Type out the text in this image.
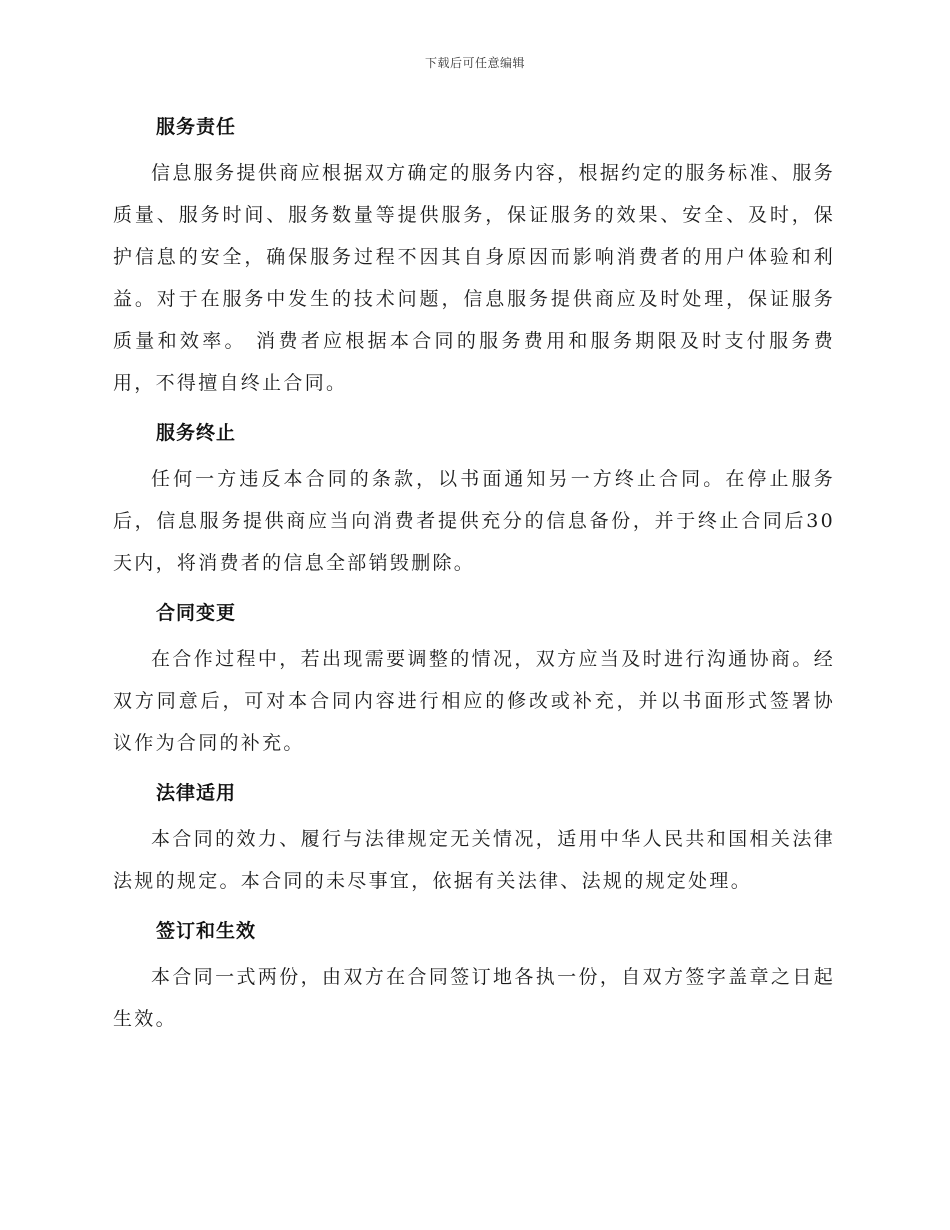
下载后可任意编辑
服务责任

信息服务提供商应根据双方确定的服务内容，根据约定的服务标准、服务质量、服务时间、服务数量等提供服务，保证服务的效果、安全、及时，保护信息的安全，确保服务过程不因其自身原因而影响消费者的用户体验和利益。对于在服务中发生的技术问题，信息服务提供商应及时处理，保证服务质量和效率。 消费者应根据本合同的服务费用和服务期限及时支付服务费用，不得擅自终止合同。

服务终止

任何一方违反本合同的条款，以书面通知另一方终止合同。在停止服务后，信息服务提供商应当向消费者提供充分的信息备份，并于终止合同后30天内，将消费者的信息全部销毁删除。

合同变更

在合作过程中，若出现需要调整的情况，双方应当及时进行沟通协商。经双方同意后，可对本合同内容进行相应的修改或补充，并以书面形式签署协议作为合同的补充。

法律适用

本合同的效力、履行与法律规定无关情况，适用中华人民共和国相关法律法规的规定。本合同的未尽事宜，依据有关法律、法规的规定处理。

签订和生效

本合同一式两份，由双方在合同签订地各执一份，自双方签字盖章之日起生效。
